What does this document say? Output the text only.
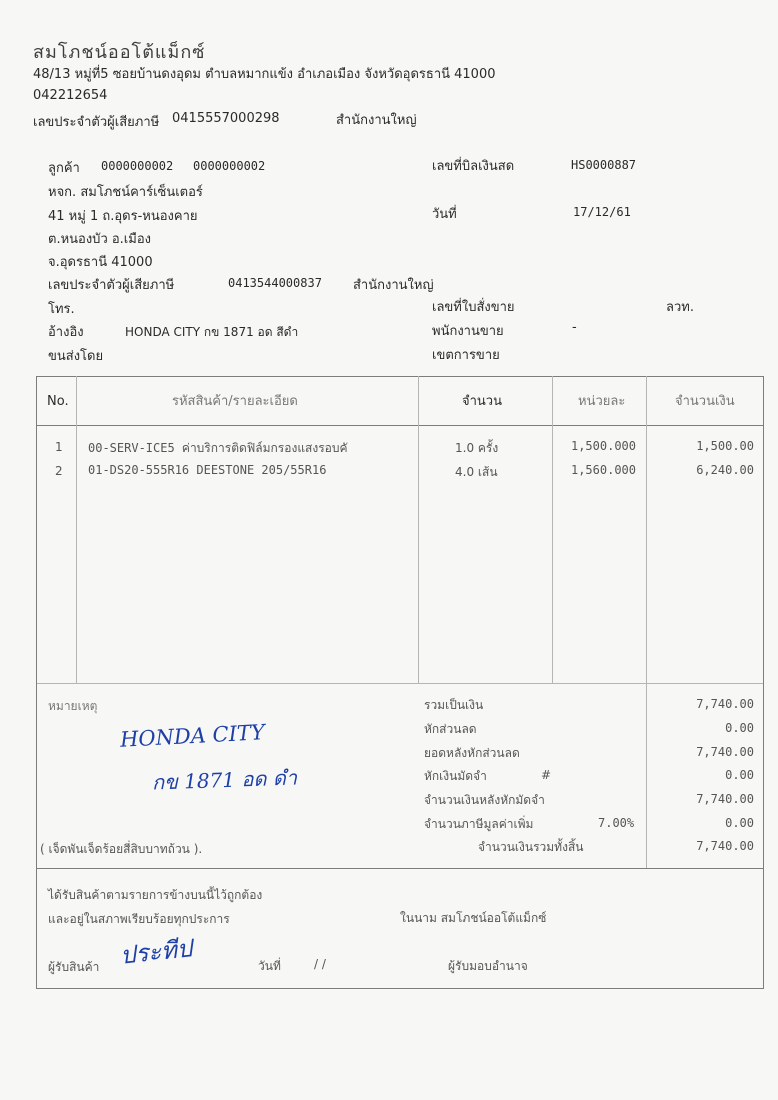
สมโภชน์ออโต้แม็กซ์
48/13 หมู่ที่5 ซอยบ้านดงอุดม ตำบลหมากแข้ง อำเภอเมือง จังหวัดอุดรธานี 41000
042212654
เลขประจำตัวผู้เสียภาษี 0415557000298	สำนักงานใหญ่
ลูกค้า 0000000002 0000000002
หจก. สมโภชน์คาร์เซ็นเตอร์
41 หมู่ 1 ถ.อุดร-หนองคาย
ต.หนองบัว อ.เมือง
จ.อุดรธานี 41000
เลขประจำตัวผู้เสียภาษี	0413544000837 สำนักงานใหญ่
โทร.
อ้างอิง	HONDA CITY กข 1871 อด สีดำ
ขนส่งโดย
เลขที่บิลเงินสด	HS0000887
วันที่	17/12/61
เลขที่ใบสั่งขาย	ลวท.
พนักงานขาย	-
เขตการขาย
No.	รหัสสินค้า/รายละเอียด	จำนวน	หน่วยละ	จำนวนเงิน
1 00-SERV-ICE5 ค่าบริการติดฟิล์มกรองแสงรอบคั	1.0 ครั้ง	1,500.000	1,500.00
2 01-DS20-555R16 DEESTONE 205/55R16	4.0 เส้น	1,560.000	6,240.00
หมายเหตุ
HONDA CITY
กข 1871 อด ดำ
( เจ็ดพันเจ็ดร้อยสี่สิบบาทถ้วน ).
รวมเป็นเงิน	7,740.00
หักส่วนลด	0.00
ยอดหลังหักส่วนลด	7,740.00
หักเงินมัดจำ	#	0.00
จำนวนเงินหลังหักมัดจำ	7,740.00
จำนวนภาษีมูลค่าเพิ่ม	7.00%	0.00
จำนวนเงินรวมทั้งสิ้น	7,740.00
ได้รับสินค้าตามรายการข้างบนนี้ไว้ถูกต้อง
และอยู่ในสภาพเรียบร้อยทุกประการ	ในนาม สมโภชน์ออโต้แม็กซ์
ผู้รับสินค้า ประทีป	วันที่	/ /	ผู้รับมอบอำนาจ
